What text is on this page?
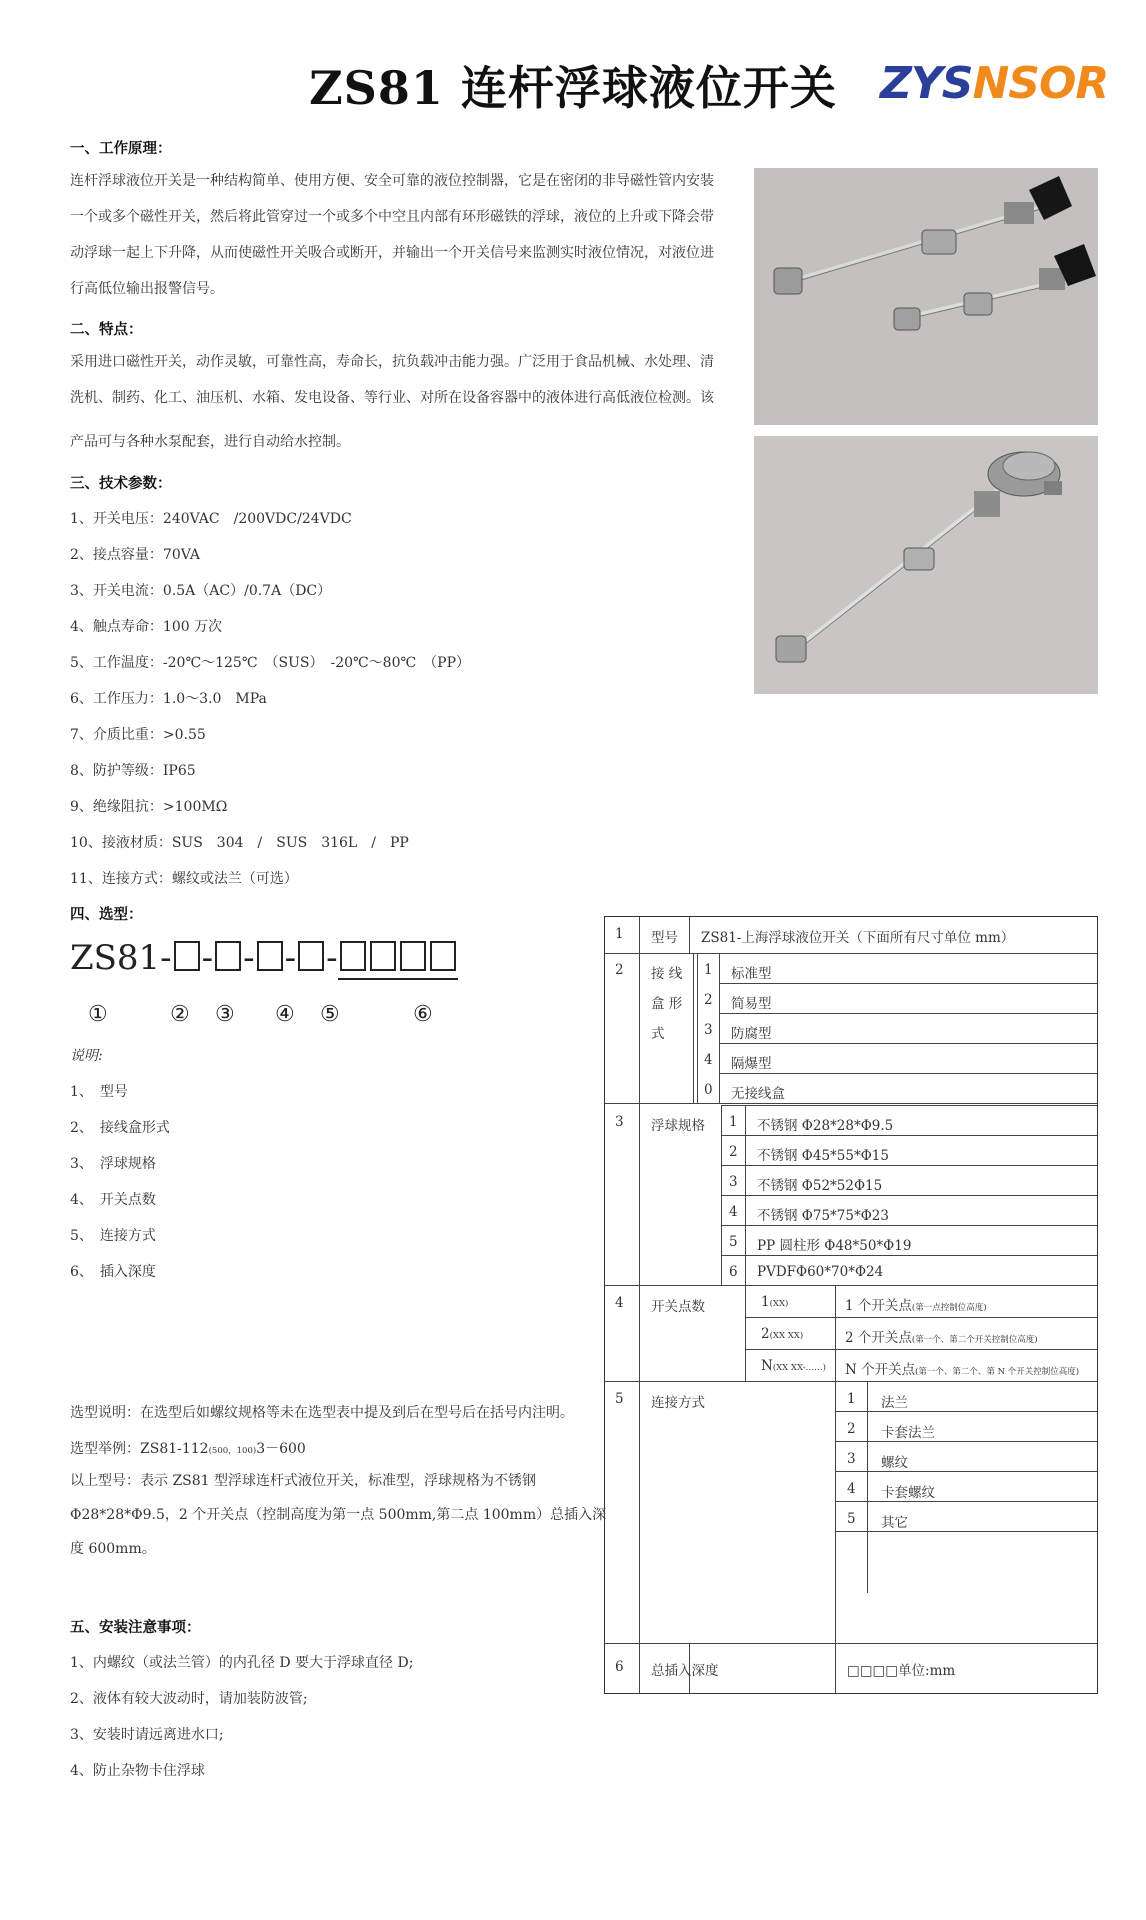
ZS81 连杆浮球液位开关 ZYSNSOR
一、工作原理：
连杆浮球液位开关是一种结构简单、使用方便、安全可靠的液位控制器，它是在密闭的非导磁性管内安装
一个或多个磁性开关，然后将此管穿过一个或多个中空且内部有环形磁铁的浮球，液位的上升或下降会带
动浮球一起上下升降，从而使磁性开关吸合或断开，并输出一个开关信号来监测实时液位情况，对液位进
行高低位输出报警信号。
二、特点：
采用进口磁性开关，动作灵敏，可靠性高，寿命长，抗负载冲击能力强。广泛用于食品机械、水处理、清
洗机、制药、化工、油压机、水箱、发电设备、等行业、对所在设备容器中的液体进行高低液位检测。该
产品可与各种水泵配套，进行自动给水控制。
三、技术参数：
1、开关电压：240VAC　/200VDC/24VDC
2、接点容量：70VA
3、开关电流：0.5A（AC）/0.7A（DC）
4、触点寿命：100 万次
5、工作温度：-20℃～125℃　（SUS）　-20℃～80℃　（PP）
6、工作压力：1.0～3.0　MPa
7、介质比重：>0.55
8、防护等级：IP65
9、绝缘阻抗：>100MΩ
10、接液材质：SUS　304　/　SUS　316L　/　PP
11、连接方式：螺纹或法兰（可选）
四、选型：
ZS81- - - - -
①	② ③ ④ ⑤	⑥
说明:
1、　型号
2、　接线盒形式
3、　浮球规格
4、　开关点数
5、　连接方式
6、　插入深度
选型说明：在选型后如螺纹规格等未在选型表中提及到后在型号后在括号内注明。
选型举例：ZS81-112(500，100)3－600
以上型号：表示 ZS81 型浮球连杆式液位开关，标准型，浮球规格为不锈钢
Φ28*28*Φ9.5，2 个开关点（控制高度为第一点 500mm,第二点 100mm）总插入深
度 600mm。
五、安装注意事项：
1、内螺纹（或法兰管）的内孔径 D 要大于浮球直径 D;
2、液体有较大波动时，请加装防波管;
3、安装时请远离进水口;
4、防止杂物卡住浮球
1 型号 ZS81-上海浮球液位开关（下面所有尺寸单位 mm）
2 接 线
盒 形
式
1 标准型
2 简易型
3 防腐型
4 隔爆型
0 无接线盒
3 浮球规格 1 不锈钢 Φ28*28*Φ9.5
2 不锈钢 Φ45*55*Φ15
3 不锈钢 Φ52*52Φ15
4 不锈钢 Φ75*75*Φ23
5 PP 圆柱形 Φ48*50*Φ19
6 PVDFΦ60*70*Φ24
4 开关点数	1(XX)	1 个开关点(第一点控制位高度)
2(XX XX)	2 个开关点(第一个、第二个开关控制位高度)
N(XX XX-……) N 个开关点(第一个、第二个、第 N 个开关控制位高度)
5 连接方式	1 法兰
2 卡套法兰
3 螺纹
4 卡套螺纹
5 其它
6 总插入深度	□□□□单位:mm
